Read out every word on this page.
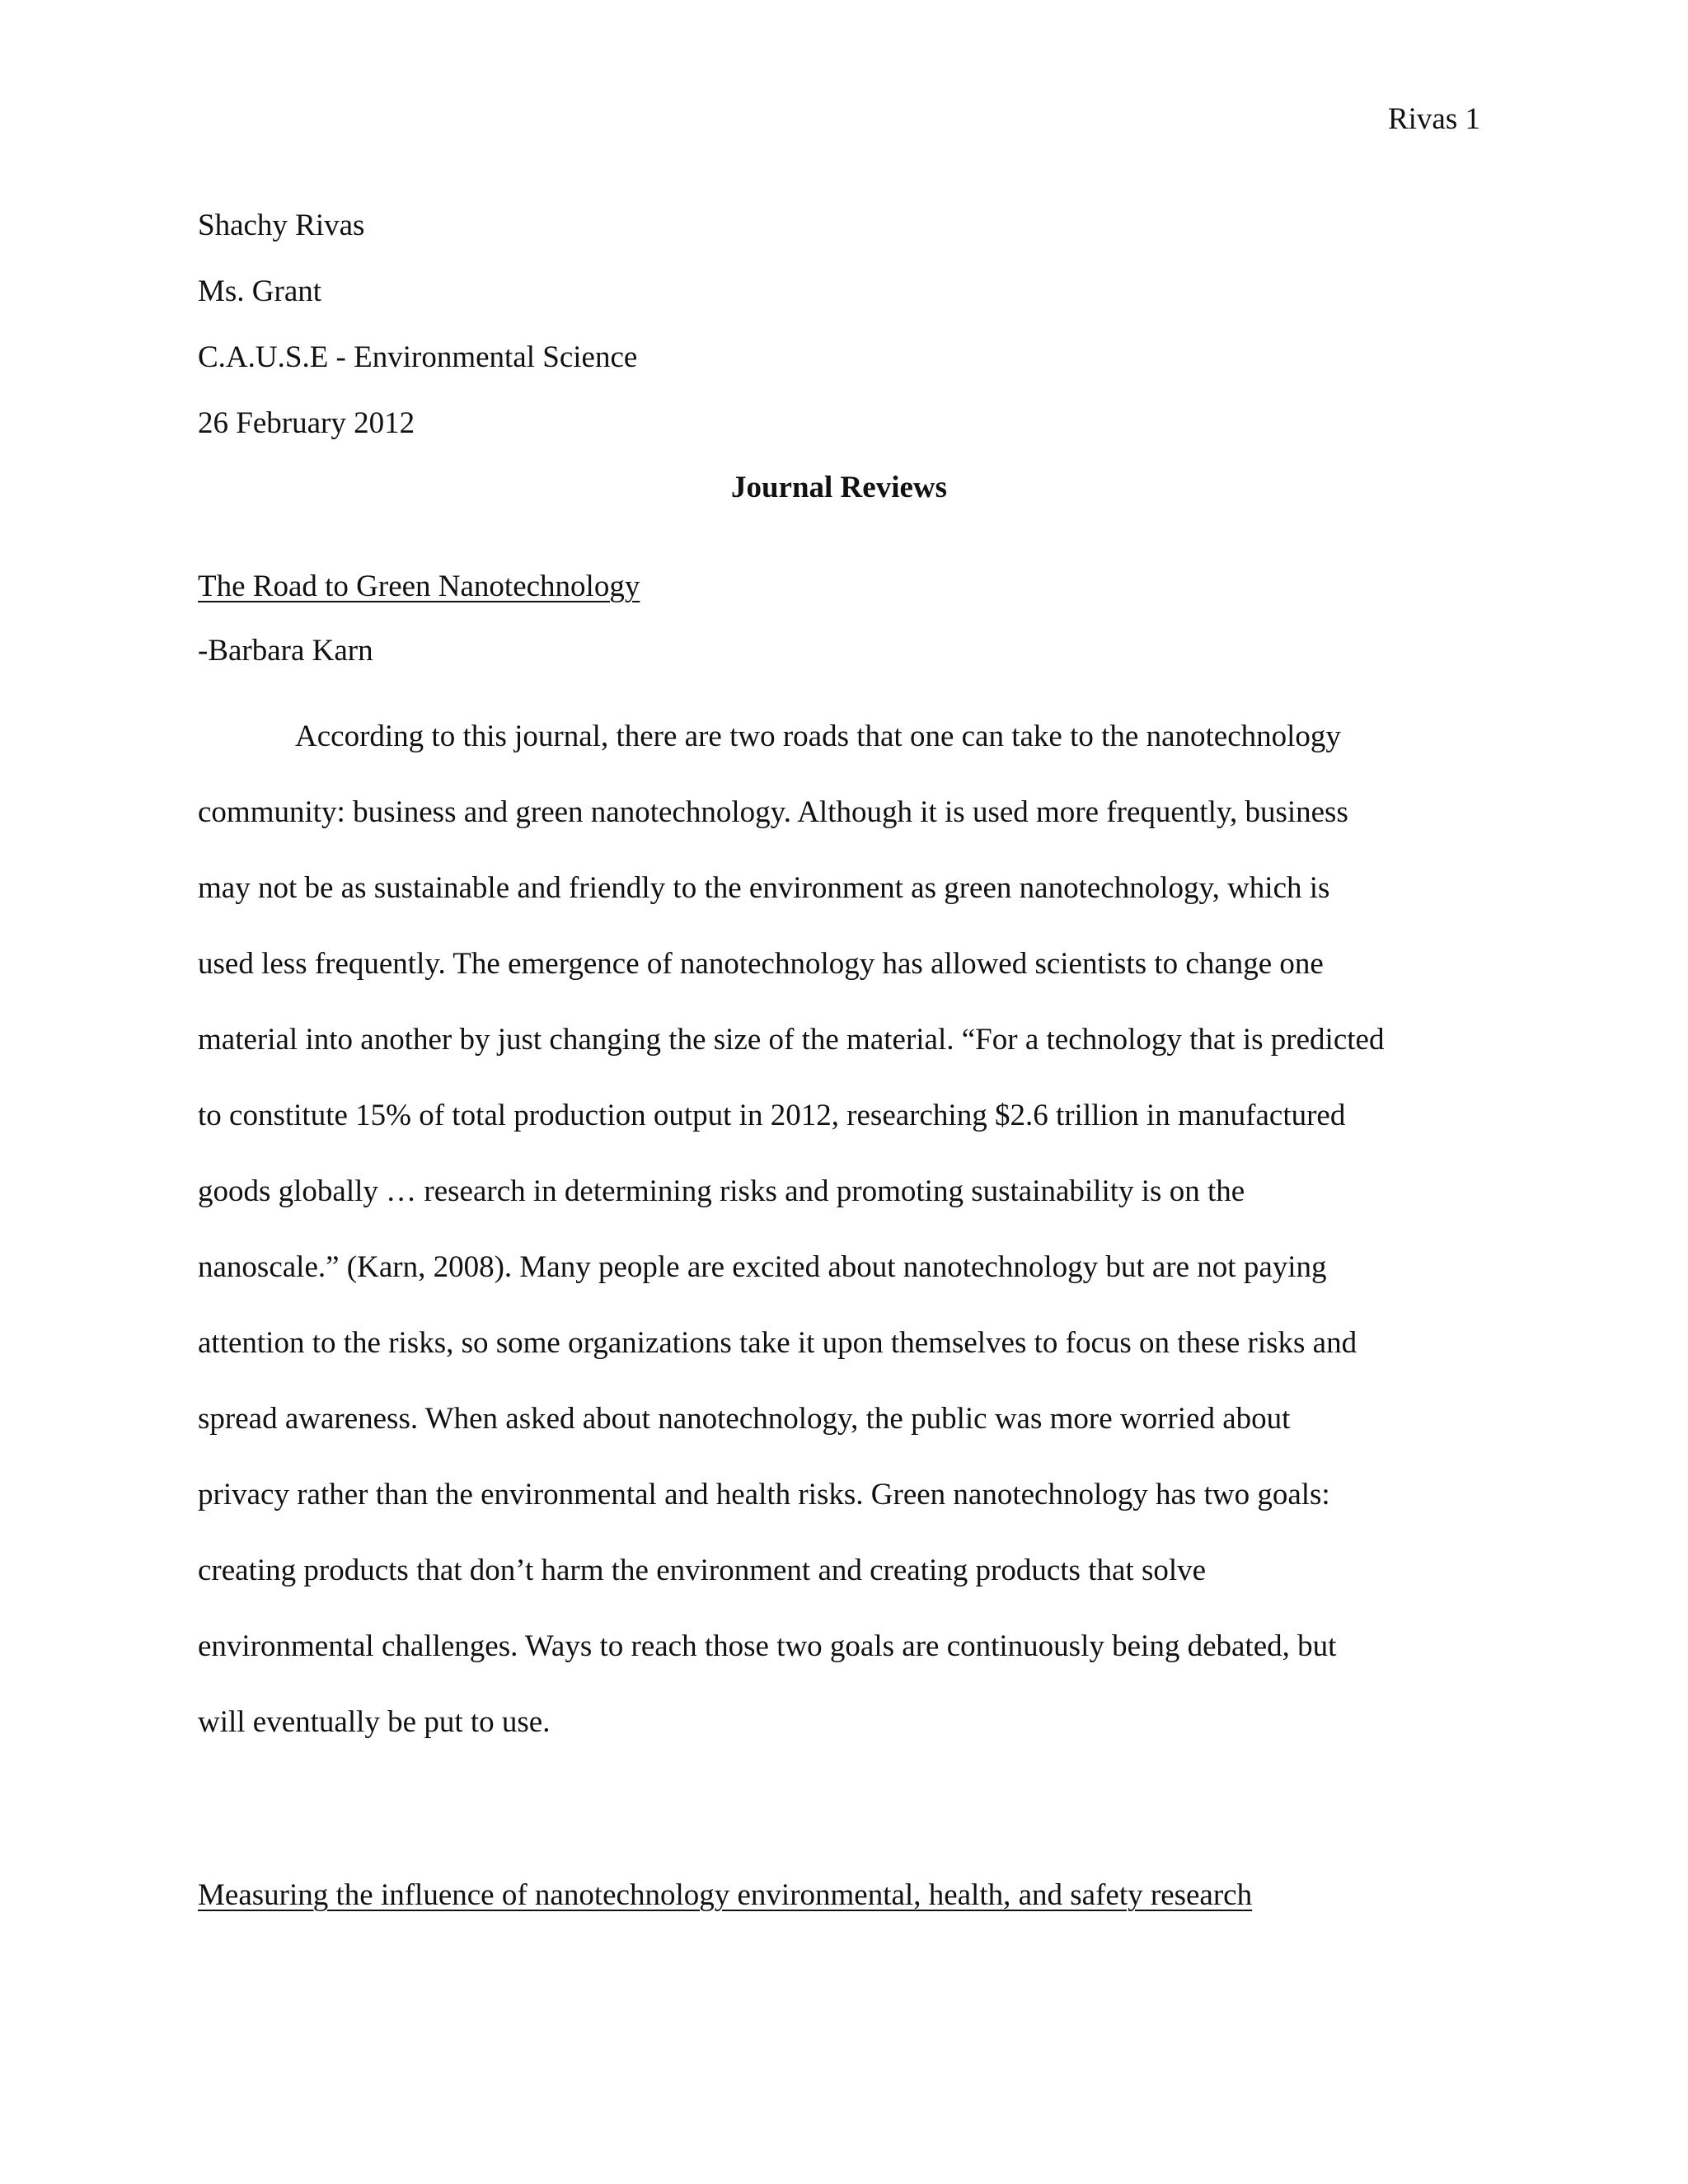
Rivas 1
Shachy Rivas
Ms. Grant
C.A.U.S.E - Environmental Science
26 February 2012
Journal Reviews
The Road to Green Nanotechnology
-Barbara Karn
According to this journal, there are two roads that one can take to the nanotechnology
community: business and green nanotechnology. Although it is used more frequently, business
may not be as sustainable and friendly to the environment as green nanotechnology, which is
used less frequently. The emergence of nanotechnology has allowed scientists to change one
material into another by just changing the size of the material. “For a technology that is predicted
to constitute 15% of total production output in 2012, researching $2.6 trillion in manufactured
goods globally … research in determining risks and promoting sustainability is on the
nanoscale.” (Karn, 2008). Many people are excited about nanotechnology but are not paying
attention to the risks, so some organizations take it upon themselves to focus on these risks and
spread awareness. When asked about nanotechnology, the public was more worried about
privacy rather than the environmental and health risks. Green nanotechnology has two goals:
creating products that don’t harm the environment and creating products that solve
environmental challenges. Ways to reach those two goals are continuously being debated, but
will eventually be put to use.
Measuring the influence of nanotechnology environmental, health, and safety research
